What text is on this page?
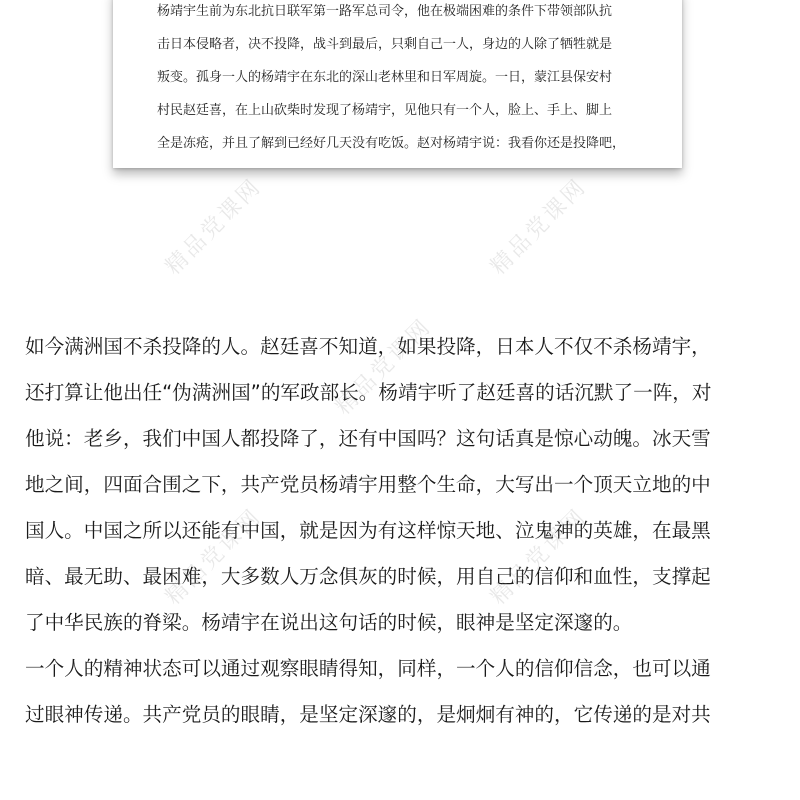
杨靖宇生前为东北抗日联军第一路军总司令，他在极端困难的条件下带领部队抗
击日本侵略者，决不投降，战斗到最后，只剩自己一人，身边的人除了牺牲就是
叛变。孤身一人的杨靖宇在东北的深山老林里和日军周旋。一日，蒙江县保安村
村民赵廷喜，在上山砍柴时发现了杨靖宇，见他只有一个人，脸上、手上、脚上
全是冻疮，并且了解到已经好几天没有吃饭。赵对杨靖宇说：我看你还是投降吧，
如今满洲国不杀投降的人。赵廷喜不知道，如果投降，日本人不仅不杀杨靖宇，
还打算让他出任“伪满洲国”的军政部长。杨靖宇听了赵廷喜的话沉默了一阵，对
他说：老乡，我们中国人都投降了，还有中国吗？这句话真是惊心动魄。冰天雪
地之间，四面合围之下，共产党员杨靖宇用整个生命，大写出一个顶天立地的中
国人。中国之所以还能有中国，就是因为有这样惊天地、泣鬼神的英雄，在最黑
暗、最无助、最困难，大多数人万念俱灰的时候，用自己的信仰和血性，支撑起
了中华民族的脊梁。杨靖宇在说出这句话的时候，眼神是坚定深邃的。
一个人的精神状态可以通过观察眼睛得知，同样，一个人的信仰信念，也可以通
过眼神传递。共产党员的眼睛，是坚定深邃的，是炯炯有神的，它传递的是对共
精品党课网	精品党课网
精品党课网
精品党课网	精品党课网
